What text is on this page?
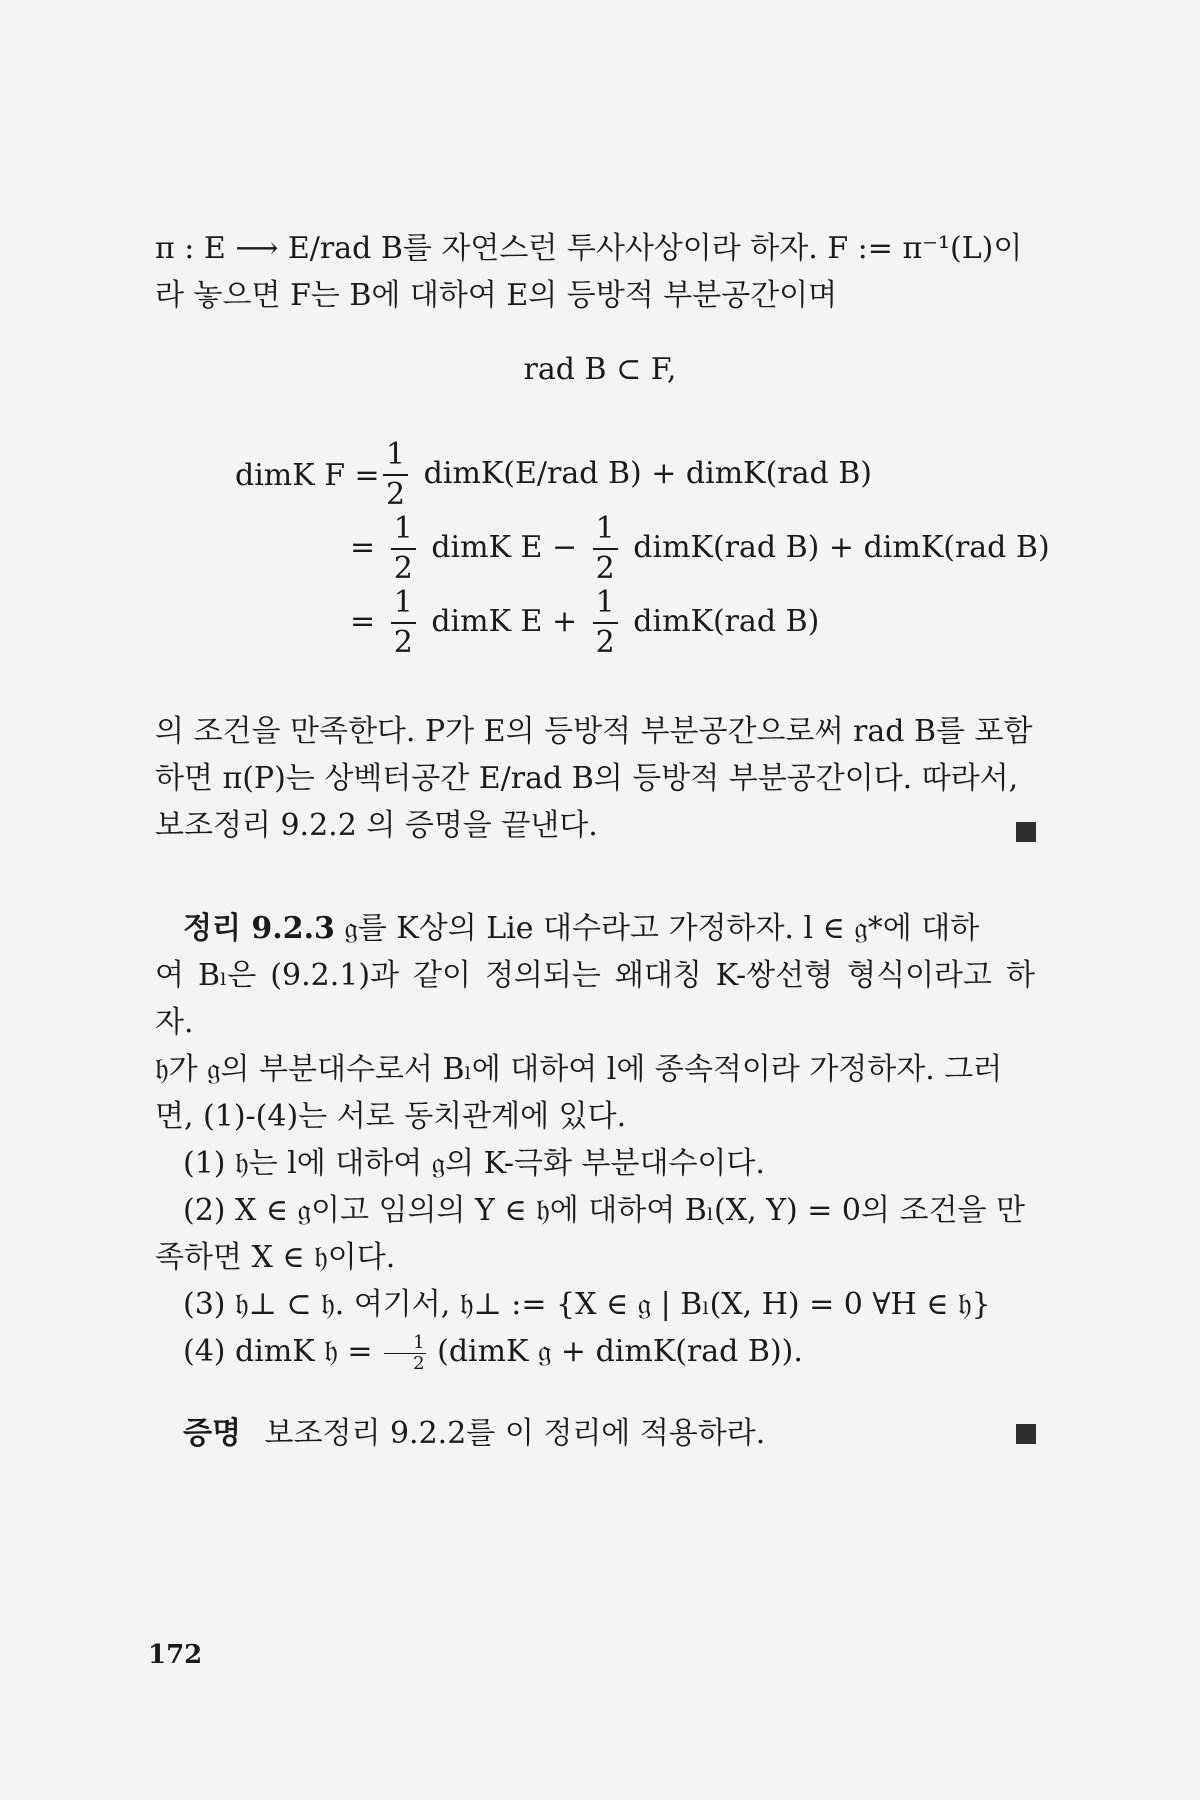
π : E ⟶ E/rad B를 자연스런 투사사상이라 하자. F := π⁻¹(L)이

라 놓으면 F는 B에 대하여 E의 등방적 부분공간이며

rad B ⊂ F,
dimK $F = \frac{1}{2}$ dimK(E/rad B) + dimK(rad B)
= $\frac{1}{2}$ dimK $E - \frac{1}{2}$ dimK(rad B) + dimK(rad B)
= $\frac{1}{2}$ dimK $E + \frac{1}{2}$ dimK(rad B)

의 조건을 만족한다. P가 E의 등방적 부분공간으로써 rad B를 포함

하면 π(P)는 상벡터공간 E/rad B의 등방적 부분공간이다. 따라서,

보조정리 9.2.2 의 증명을 끝낸다.

정리 9.2.3 𝔤를 K상의 Lie 대수라고 가정하자. l ∈ 𝔤*에 대하

여 Bₗ은 (9.2.1)과 같이 정의되는 왜대칭 K-쌍선형 형식이라고 하자.

𝔥가 𝔤의 부분대수로서 Bₗ에 대하여 l에 종속적이라 가정하자. 그러

면, (1)-(4)는 서로 동치관계에 있다.

(1) 𝔥는 l에 대하여 𝔤의 K-극화 부분대수이다.

(2) X ∈ 𝔤이고 임의의 Y ∈ 𝔥에 대하여 Bₗ(X, Y) = 0의 조건을 만

족하면 X ∈ 𝔥이다.

(3) 𝔥⊥ ⊂ 𝔥. 여기서, 𝔥⊥ := {X ∈ 𝔤 | Bₗ(X, H) = 0 ∀H ∈ 𝔥}

(4) dimK 𝔥 = $\frac{1}{2}$ (dimK 𝔤 + dimK(rad B)).

증명 보조정리 9.2.2를 이 정리에 적용하라.

172
